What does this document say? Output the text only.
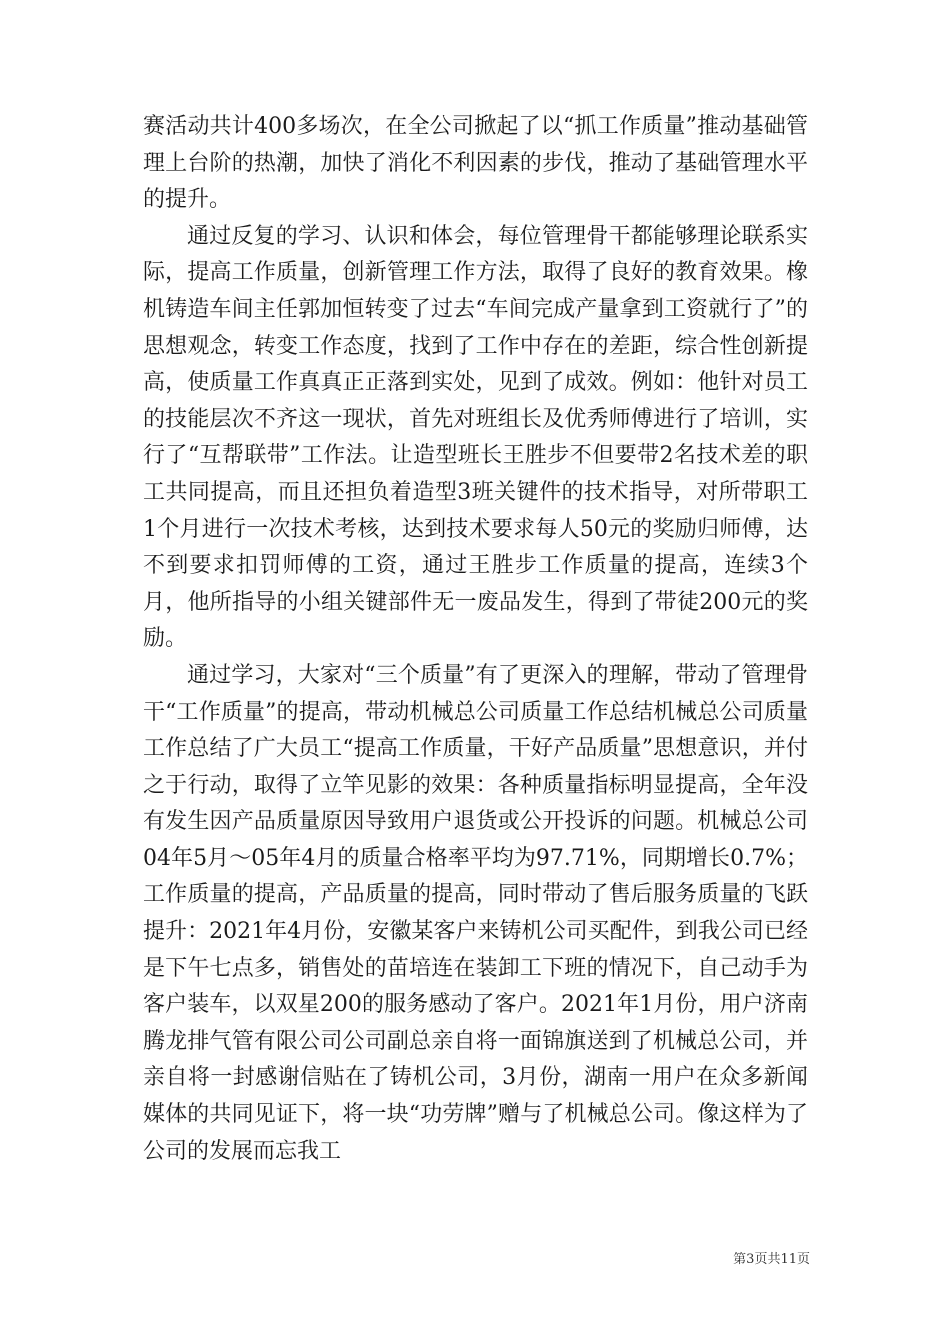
赛活动共计400多场次，在全公司掀起了以“抓工作质量”推动基础管理上台阶的热潮，加快了消化不利因素的步伐，推动了基础管理水平的提升。

通过反复的学习、认识和体会，每位管理骨干都能够理论联系实际，提高工作质量，创新管理工作方法，取得了良好的教育效果。橡机铸造车间主任郭加恒转变了过去“车间完成产量拿到工资就行了”的思想观念，转变工作态度，找到了工作中存在的差距，综合性创新提高，使质量工作真真正正落到实处，见到了成效。例如：他针对员工的技能层次不齐这一现状，首先对班组长及优秀师傅进行了培训，实行了“互帮联带”工作法。让造型班长王胜步不但要带2名技术差的职工共同提高，而且还担负着造型3班关键件的技术指导，对所带职工1个月进行一次技术考核，达到技术要求每人50元的奖励归师傅，达不到要求扣罚师傅的工资，通过王胜步工作质量的提高，连续3个月，他所指导的小组关键部件无一废品发生，得到了带徒200元的奖励。

通过学习，大家对“三个质量”有了更深入的理解，带动了管理骨干“工作质量”的提高，带动机械总公司质量工作总结机械总公司质量工作总结了广大员工“提高工作质量，干好产品质量”思想意识，并付之于行动，取得了立竿见影的效果：各种质量指标明显提高，全年没有发生因产品质量原因导致用户退货或公开投诉的问题。机械总公司04年5月～05年4月的质量合格率平均为97.71%，同期增长0.7%；工作质量的提高，产品质量的提高，同时带动了售后服务质量的飞跃提升：2021年4月份，安徽某客户来铸机公司买配件，到我公司已经是下午七点多，销售处的苗培连在装卸工下班的情况下，自己动手为客户装车，以双星200的服务感动了客户。2021年1月份，用户济南腾龙排气管有限公司公司副总亲自将一面锦旗送到了机械总公司，并亲自将一封感谢信贴在了铸机公司，3月份，湖南一用户在众多新闻媒体的共同见证下，将一块“功劳牌”赠与了机械总公司。像这样为了公司的发展而忘我工

第3页共11页
